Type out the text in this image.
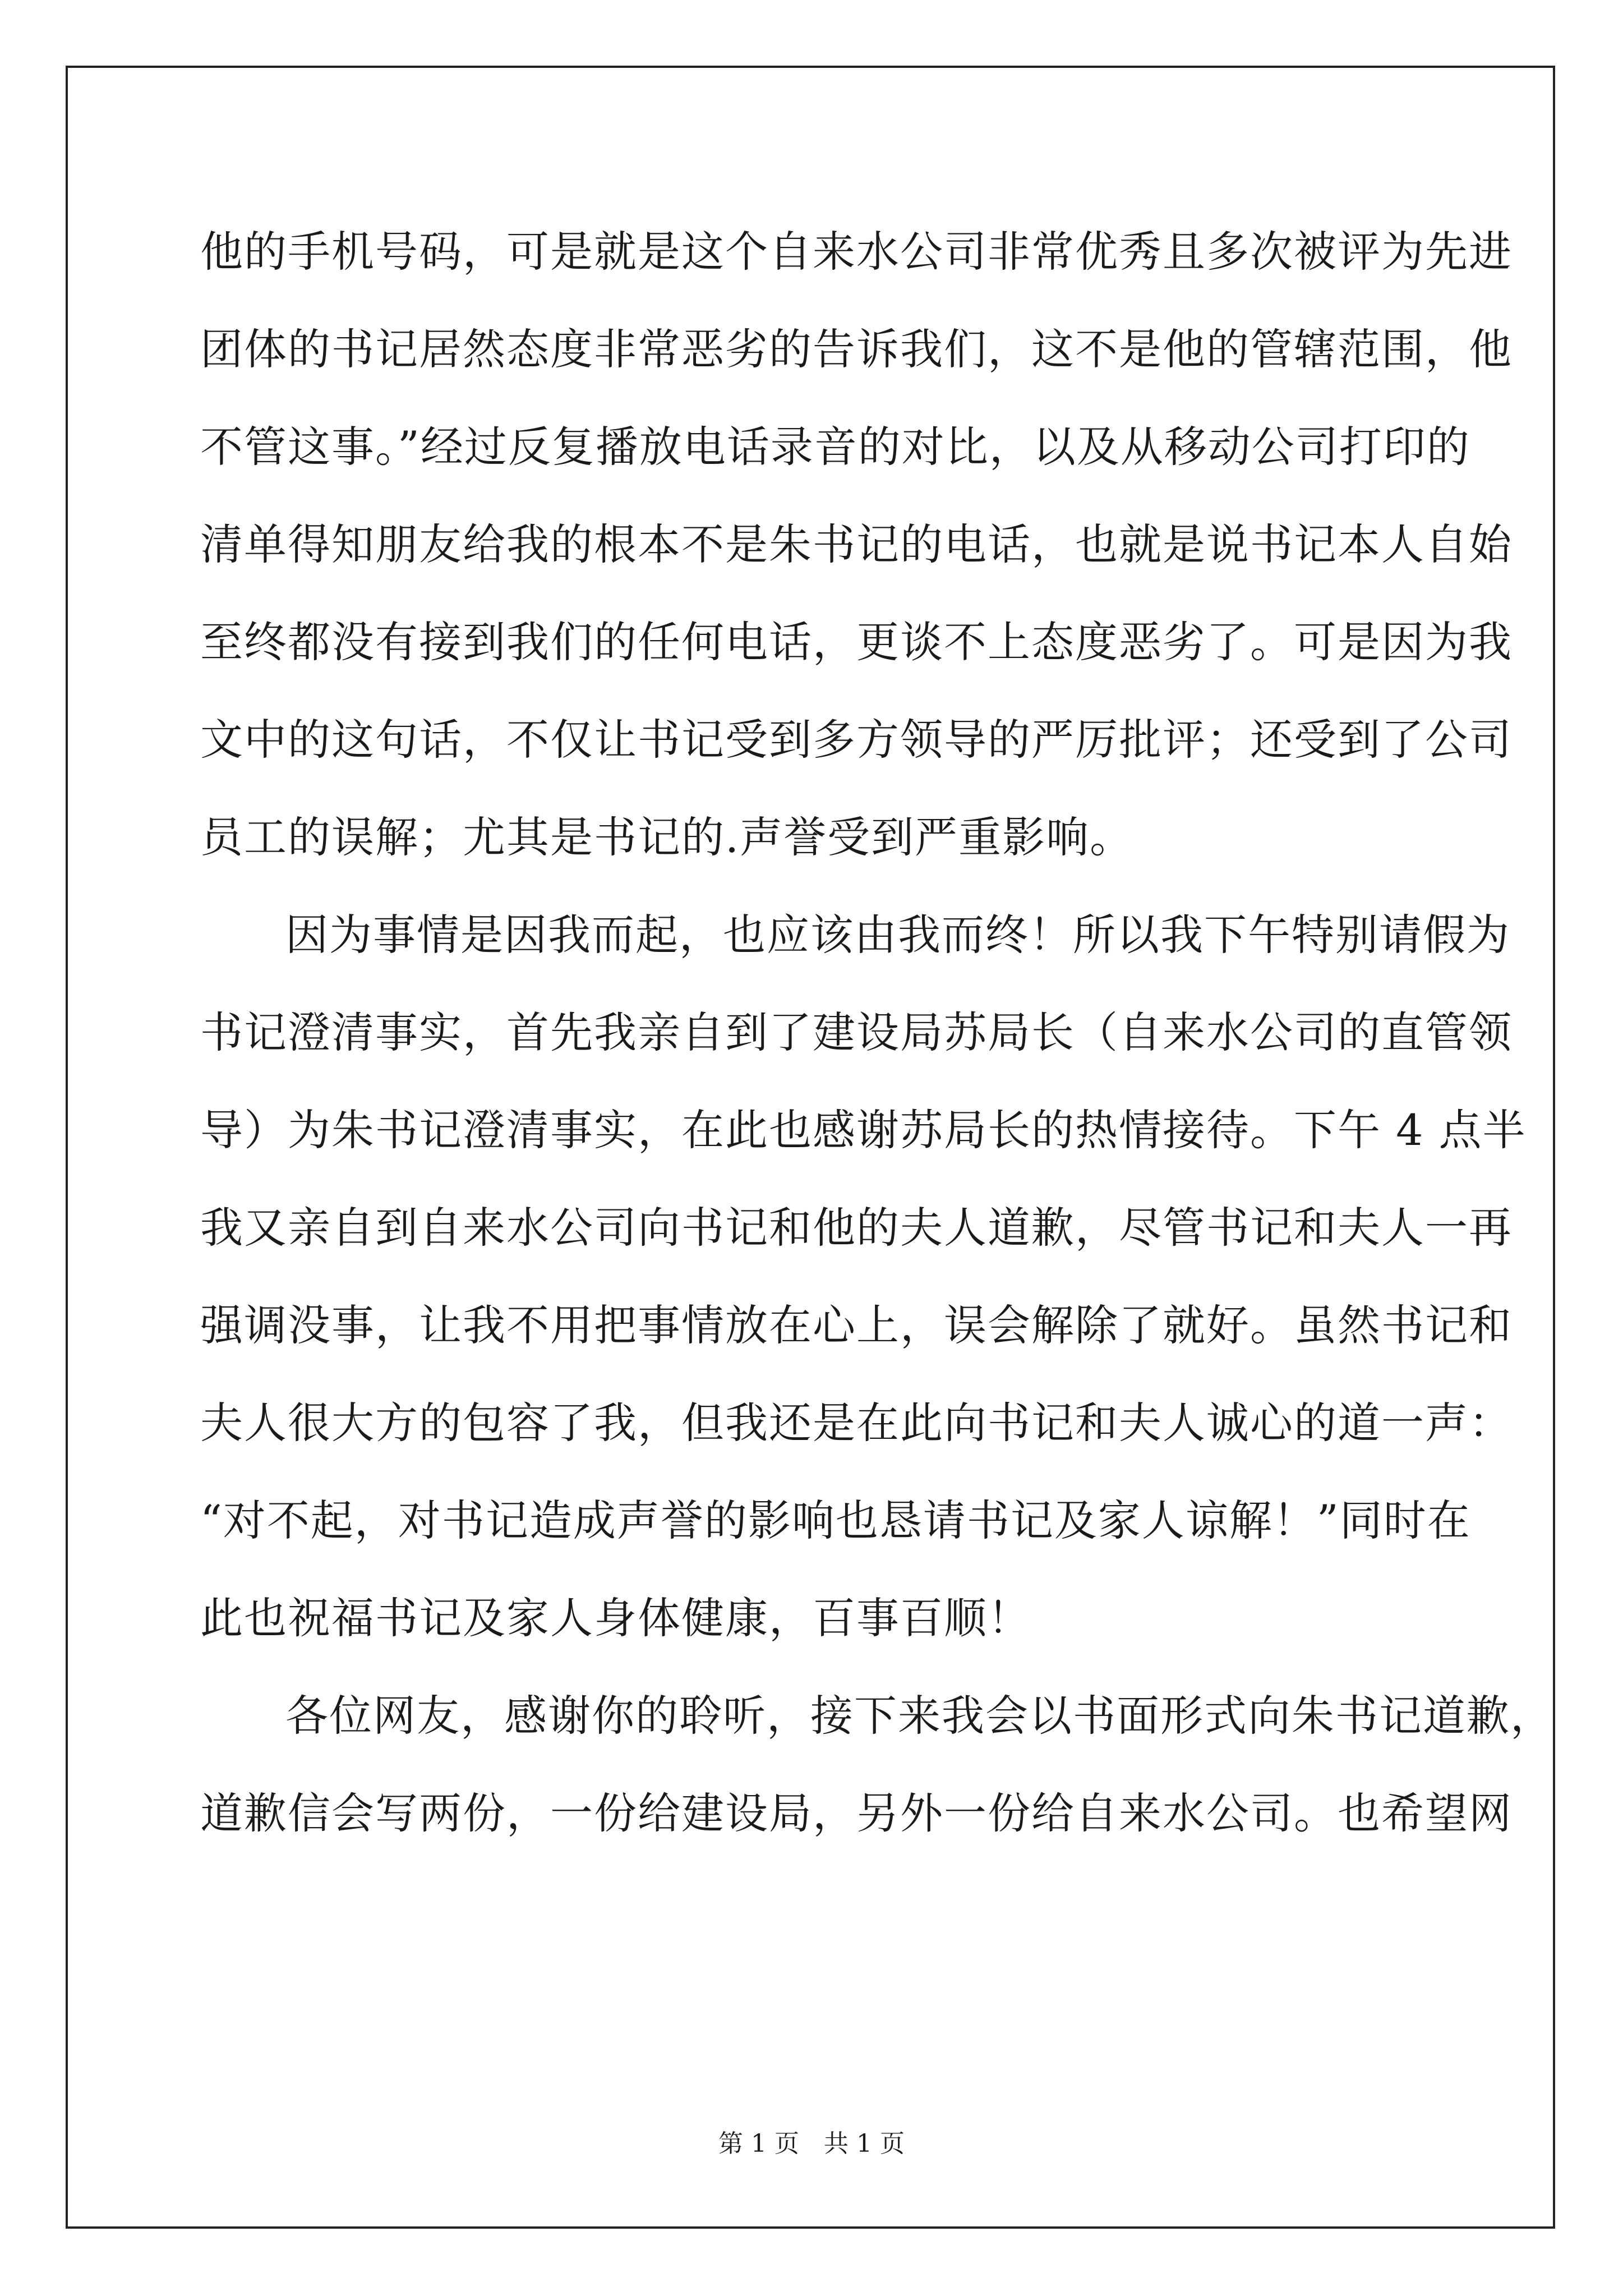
他的手机号码，可是就是这个自来水公司非常优秀且多次被评为先进
团体的书记居然态度非常恶劣的告诉我们，这不是他的管辖范围，他
不管这事。”经过反复播放电话录音的对比，以及从移动公司打印的
清单得知朋友给我的根本不是朱书记的电话，也就是说书记本人自始
至终都没有接到我们的任何电话，更谈不上态度恶劣了。可是因为我
文中的这句话，不仅让书记受到多方领导的严厉批评；还受到了公司
员工的误解；尤其是书记的.声誉受到严重影响。
因为事情是因我而起，也应该由我而终！所以我下午特别请假为
书记澄清事实，首先我亲自到了建设局苏局长（自来水公司的直管领
导）为朱书记澄清事实，在此也感谢苏局长的热情接待。下午 4 点半
我又亲自到自来水公司向书记和他的夫人道歉，尽管书记和夫人一再
强调没事，让我不用把事情放在心上，误会解除了就好。虽然书记和
夫人很大方的包容了我，但我还是在此向书记和夫人诚心的道一声：
“对不起，对书记造成声誉的影响也恳请书记及家人谅解！”同时在
此也祝福书记及家人身体健康，百事百顺！
各位网友，感谢你的聆听，接下来我会以书面形式向朱书记道歉，
道歉信会写两份，一份给建设局，另外一份给自来水公司。也希望网
第 1 页 共 1 页
